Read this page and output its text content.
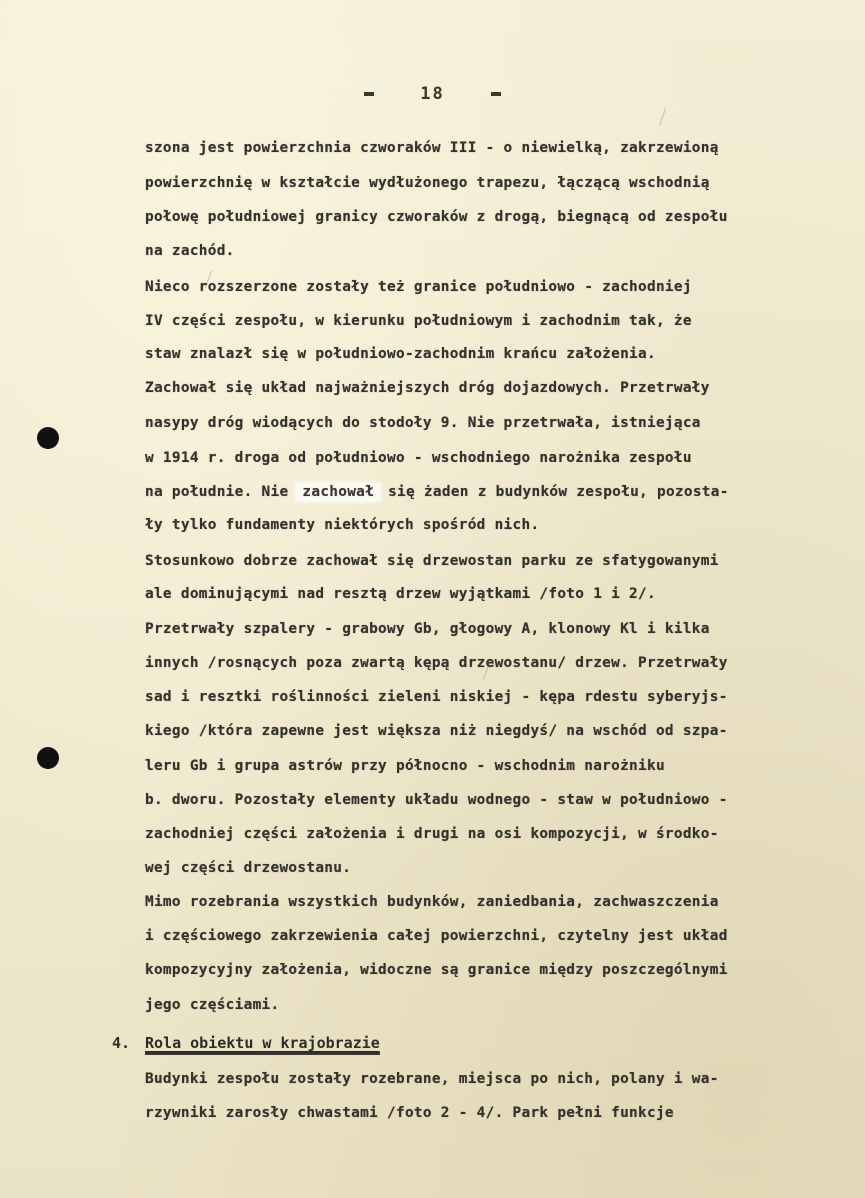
18
szona jest powierzchnia czworaków III - o niewielką, zakrzewioną
powierzchnię w kształcie wydłużonego trapezu, łączącą wschodnią
połowę południowej granicy czworaków z drogą, biegnącą od zespołu
na zachód.
Nieco rozszerzone zostały też granice południowo - zachodniej
IV części zespołu, w kierunku południowym i zachodnim tak, że
staw znalazł się w południowo-zachodnim krańcu założenia.
Zachował się układ najważniejszych dróg dojazdowych. Przetrwały
nasypy dróg wiodących do stodoły 9. Nie przetrwała, istniejąca
w 1914 r. droga od południowo - wschodniego narożnika zespołu
na południe. Nie zachował się żaden z budynków zespołu, pozosta-
ły tylko fundamenty niektórych spośród nich.
Stosunkowo dobrze zachował się drzewostan parku ze sfatygowanymi
ale dominującymi nad resztą drzew wyjątkami /foto 1 i 2/.
Przetrwały szpalery - grabowy Gb, głogowy A, klonowy Kl i kilka
innych /rosnących poza zwartą kępą drzewostanu/ drzew. Przetrwały
sad i resztki roślinności zieleni niskiej - kępa rdestu syberyjs-
kiego /która zapewne jest większa niż niegdyś/ na wschód od szpa-
leru Gb i grupa astrów przy północno - wschodnim narożniku
b. dworu. Pozostały elementy układu wodnego - staw w południowo -
zachodniej części założenia i drugi na osi kompozycji, w środko-
wej części drzewostanu.
Mimo rozebrania wszystkich budynków, zaniedbania, zachwaszczenia
i częściowego zakrzewienia całej powierzchni, czytelny jest układ
kompozycyjny założenia, widoczne są granice między poszczególnymi
jego częściami.
4. Rola obiektu w krajobrazie
Budynki zespołu zostały rozebrane, miejsca po nich, polany i wa-
rzywniki zarosły chwastami /foto 2 - 4/. Park pełni funkcje
